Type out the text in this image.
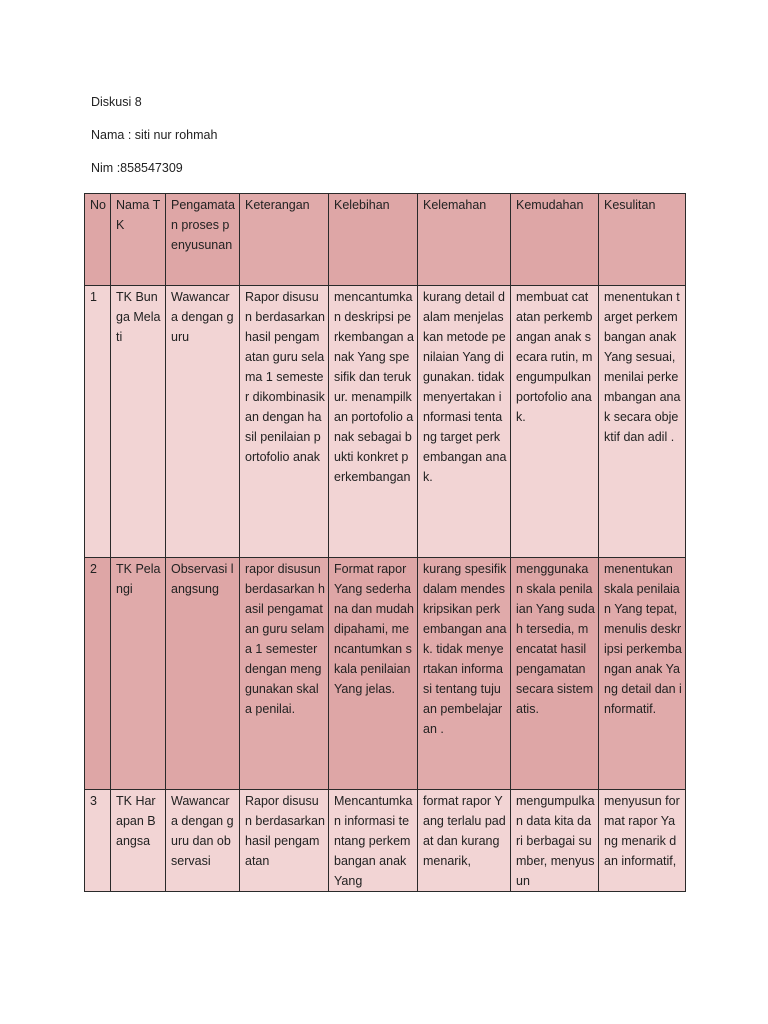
Diskusi 8

Nama : siti nur rohmah

Nim :858547309

No	Nama TK	Pengamatan proses penyusunan	Keterangan	Kelebihan	Kelemahan	Kemudahan	Kesulitan
1	TK Bunga Melati	Wawancara dengan guru	Rapor disusun berdasarkan hasil pengamatan guru selama 1 semester dikombinasikan dengan hasil penilaian portofolio anak	mencantumkan deskripsi perkembangan anak Yang spesifik dan terukur. menampilkan portofolio anak sebagai bukti konkret perkembangan	kurang detail dalam menjelaskan metode penilaian Yang digunakan. tidak menyertakan informasi tentang target perkembangan anak.	membuat catatan perkembangan anak secara rutin, mengumpulkan portofolio anak.	menentukan target perkembangan anak Yang sesuai, menilai perkembangan anak secara objektif dan adil .
2	TK Pelangi	Observasi langsung	rapor disusun berdasarkan hasil pengamatan guru selama 1 semester dengan menggunakan skala penilai.	Format rapor Yang sederhana dan mudah dipahami, mencantumkan skala penilaian Yang jelas.	kurang spesifik dalam mendeskripsikan perkembangan anak. tidak menyertakan informasi tentang tujuan pembelajaran .	menggunakan skala penilaian Yang sudah tersedia, mencatat hasil pengamatan secara sistematis.	menentukan skala penilaian Yang tepat, menulis deskripsi perkembangan anak Yang detail dan informatif.
3	TK Harapan Bangsa	Wawancara dengan guru dan observasi	Rapor disusun berdasarkan hasil pengamatan	Mencantumkan informasi tentang perkembangan anak Yang	format rapor Yang terlalu padat dan kurang menarik,	mengumpulkan data kita dari berbagai sumber, menyusun	menyusun format rapor Yang menarik dan informatif,
